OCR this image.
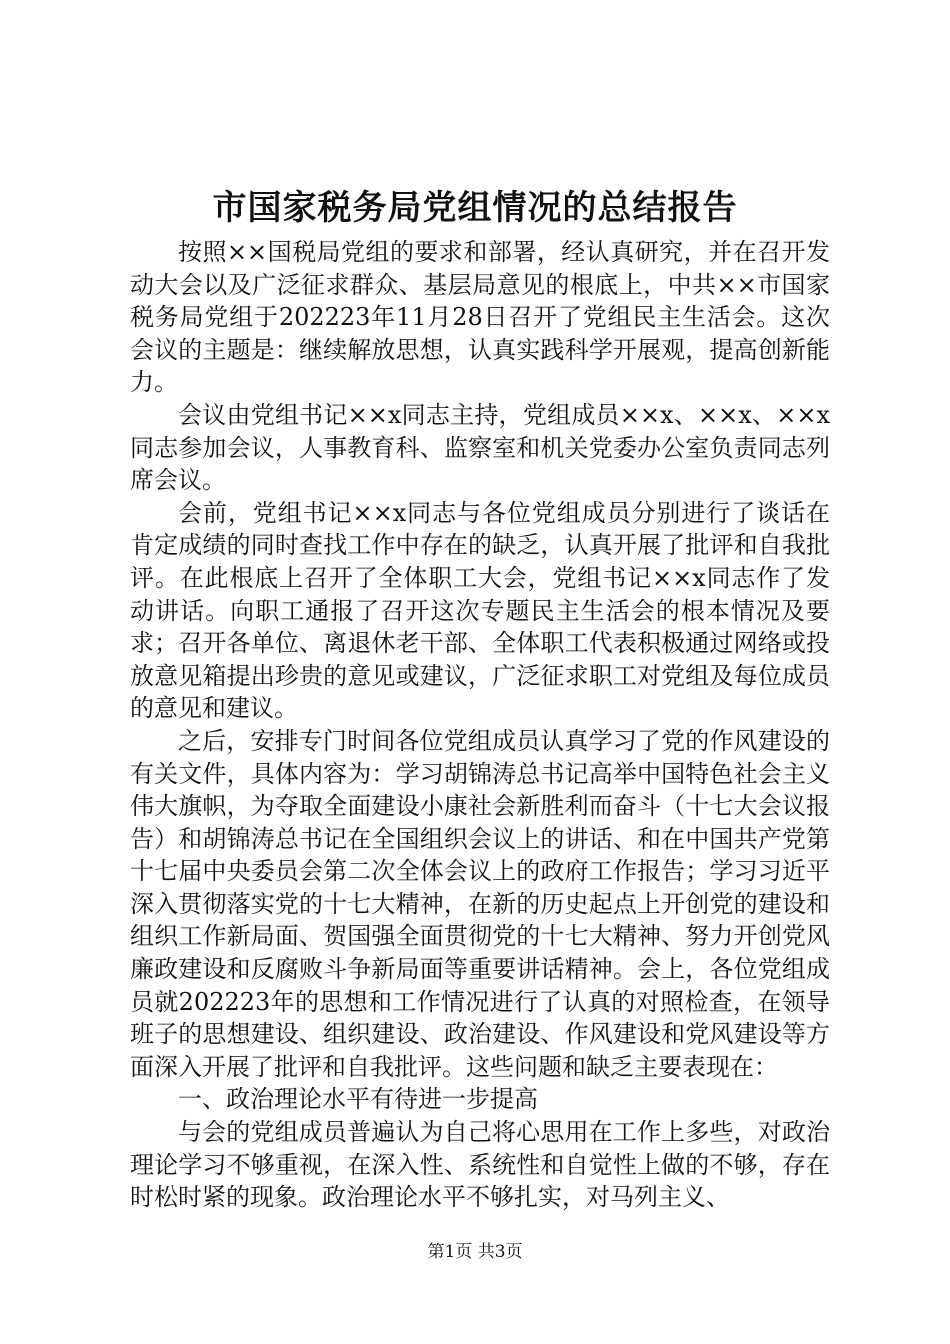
市国家税务局党组情况的总结报告

按照××国税局党组的要求和部署，经认真研究，并在召开发动大会以及广泛征求群众、基层局意见的根底上，中共××市国家税务局党组于202223年11月28日召开了党组民主生活会。这次会议的主题是：继续解放思想，认真实践科学开展观，提高创新能力。

会议由党组书记××x同志主持，党组成员××x、××x、××x同志参加会议，人事教育科、监察室和机关党委办公室负责同志列席会议。

会前，党组书记××x同志与各位党组成员分别进行了谈话在肯定成绩的同时查找工作中存在的缺乏，认真开展了批评和自我批评。在此根底上召开了全体职工大会，党组书记××x同志作了发动讲话。向职工通报了召开这次专题民主生活会的根本情况及要求；召开各单位、离退休老干部、全体职工代表积极通过网络或投放意见箱提出珍贵的意见或建议，广泛征求职工对党组及每位成员的意见和建议。

之后，安排专门时间各位党组成员认真学习了党的作风建设的有关文件，具体内容为：学习胡锦涛总书记高举中国特色社会主义伟大旗帜，为夺取全面建设小康社会新胜利而奋斗（十七大会议报告）和胡锦涛总书记在全国组织会议上的讲话、和在中国共产党第十七届中央委员会第二次全体会议上的政府工作报告；学习习近平深入贯彻落实党的十七大精神，在新的历史起点上开创党的建设和组织工作新局面、贺国强全面贯彻党的十七大精神、努力开创党风廉政建设和反腐败斗争新局面等重要讲话精神。会上，各位党组成员就202223年的思想和工作情况进行了认真的对照检查，在领导班子的思想建设、组织建设、政治建设、作风建设和党风建设等方面深入开展了批评和自我批评。这些问题和缺乏主要表现在：

一、政治理论水平有待进一步提高

与会的党组成员普遍认为自己将心思用在工作上多些，对政治理论学习不够重视，在深入性、系统性和自觉性上做的不够，存在时松时紧的现象。政治理论水平不够扎实，对马列主义、

第1页 共3页
